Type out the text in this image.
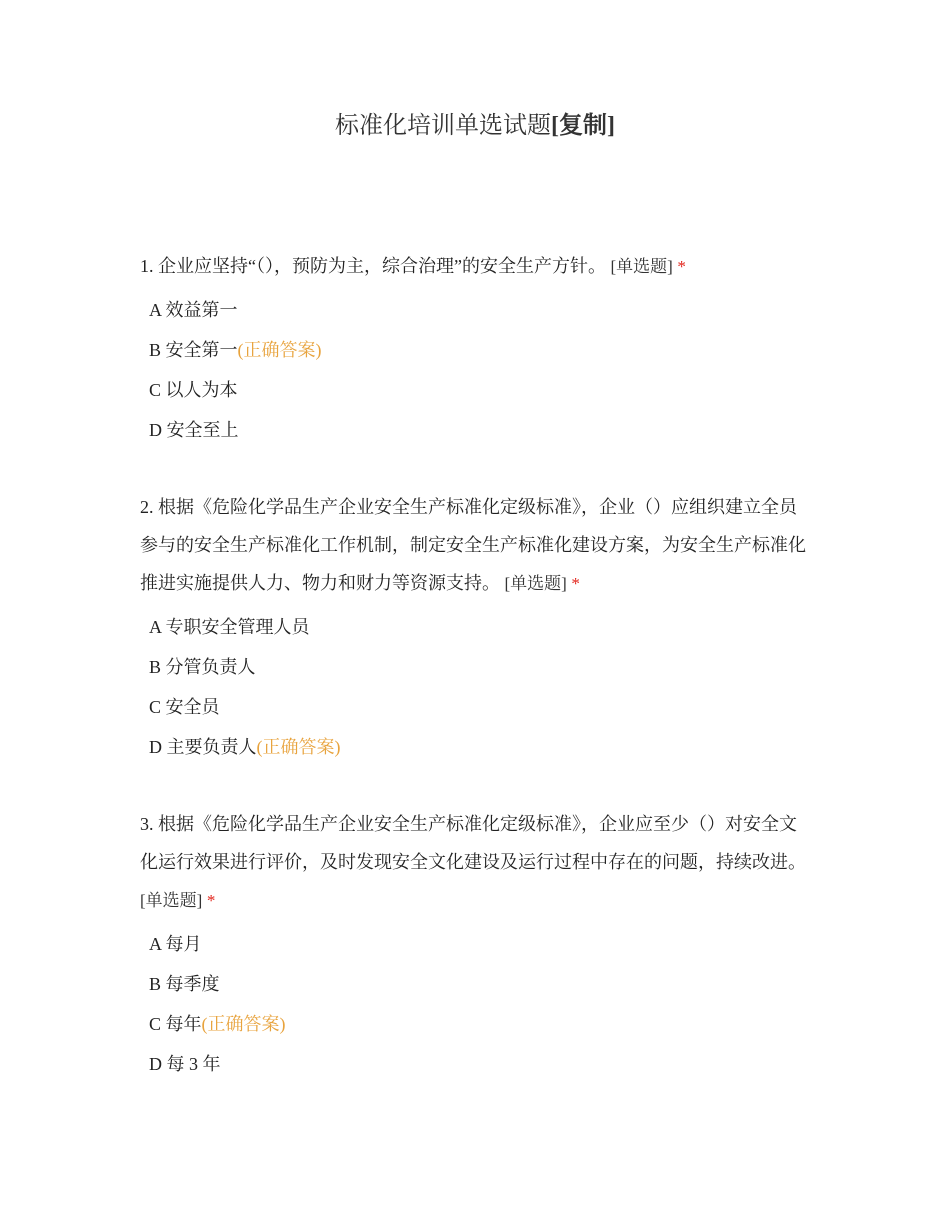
标准化培训单选试题[复制]

1. 企业应坚持“（），预防为主，综合治理”的安全生产方针。 [单选题] *

A 效益第一
B 安全第一(正确答案)
C 以人为本
D 安全至上

2. 根据《危险化学品生产企业安全生产标准化定级标准》，企业（）应组织建立全员参与的安全生产标准化工作机制，制定安全生产标准化建设方案，为安全生产标准化推进实施提供人力、物力和财力等资源支持。 [单选题] *

A 专职安全管理人员
B 分管负责人
C 安全员
D 主要负责人(正确答案)

3. 根据《危险化学品生产企业安全生产标准化定级标准》，企业应至少（）对安全文化运行效果进行评价，及时发现安全文化建设及运行过程中存在的问题，持续改进。 [单选题] *

A 每月
B 每季度
C 每年(正确答案)
D 每 3 年
